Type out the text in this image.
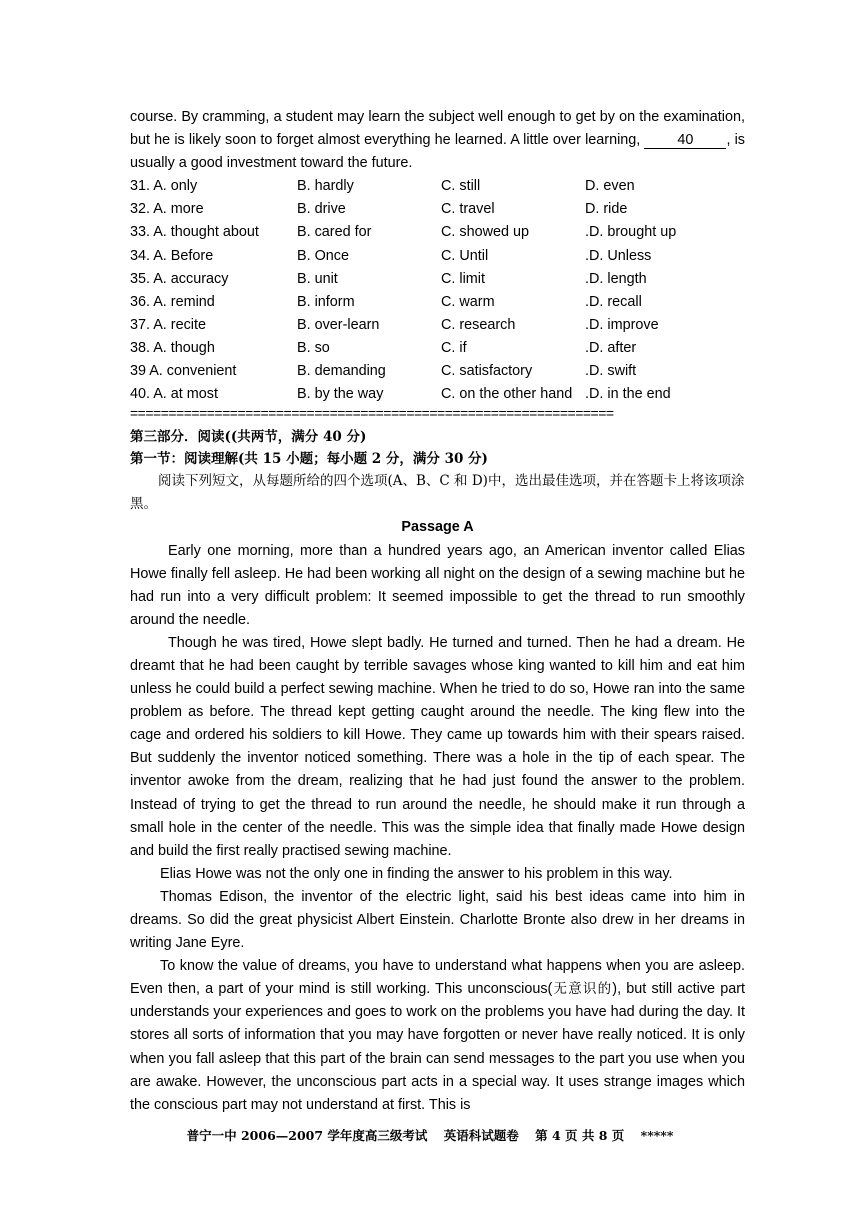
course. By cramming, a student may learn the subject well enough to get by on the examination, but he is likely soon to forget almost everything he learned. A little over learning, 40 , is usually a good investment toward the future.

31. A. only	B. hardly	C. still	D. even
32. A. more	B. drive	C. travel	D. ride
33. A. thought about	B. cared for	C. showed up	.D. brought up
34. A. Before	B. Once	C. Until	.D. Unless
35. A. accuracy	B. unit	C. limit	.D. length
36. A. remind	B. inform	C. warm	.D. recall
37. A. recite	B. over-learn	C. research	.D. improve
38. A. though	B. so	C. if	.D. after
39 A. convenient	B. demanding	C. satisfactory	.D. swift
40. A. at most	B. by the way	C. on the other hand .D. in the end
===============================================================

第三部分．阅读((共两节，满分 40 分)

第一节：阅读理解(共 15 小题；每小题 2 分，满分 30 分)

阅读下列短文，从每题所给的四个选项(A、B、C 和 D)中，选出最佳选项，并在答题卡上将该项涂黑。

Passage A

Early one morning, more than a hundred years ago, an American inventor called Elias Howe finally fell asleep. He had been working all night on the design of a sewing machine but he had run into a very difficult problem: It seemed impossible to get the thread to run smoothly around the needle.

Though he was tired, Howe slept badly. He turned and turned. Then he had a dream. He dreamt that he had been caught by terrible savages whose king wanted to kill him and eat him unless he could build a perfect sewing machine. When he tried to do so, Howe ran into the same problem as before. The thread kept getting caught around the needle. The king flew into the cage and ordered his soldiers to kill Howe. They came up towards him with their spears raised. But suddenly the inventor noticed something. There was a hole in the tip of each spear. The inventor awoke from the dream, realizing that he had just found the answer to the problem. Instead of trying to get the thread to run around the needle, he should make it run through a small hole in the center of the needle. This was the simple idea that finally made Howe design and build the first really practised sewing machine.

Elias Howe was not the only one in finding the answer to his problem in this way.

Thomas Edison, the inventor of the electric light, said his best ideas came into him in dreams. So did the great physicist Albert Einstein. Charlotte Bronte also drew in her dreams in writing Jane Eyre.

To know the value of dreams, you have to understand what happens when you are asleep. Even then, a part of your mind is still working. This unconscious(无意识的), but still active part understands your experiences and goes to work on the problems you have had during the day. It stores all sorts of information that you may have forgotten or never have really noticed. It is only when you fall asleep that this part of the brain can send messages to the part you use when you are awake. However, the unconscious part acts in a special way. It uses strange images which the conscious part may not understand at first. This is

普宁一中 2006—2007 学年度高三级考试 英语科试题卷 第 4 页 共 8 页 *****
